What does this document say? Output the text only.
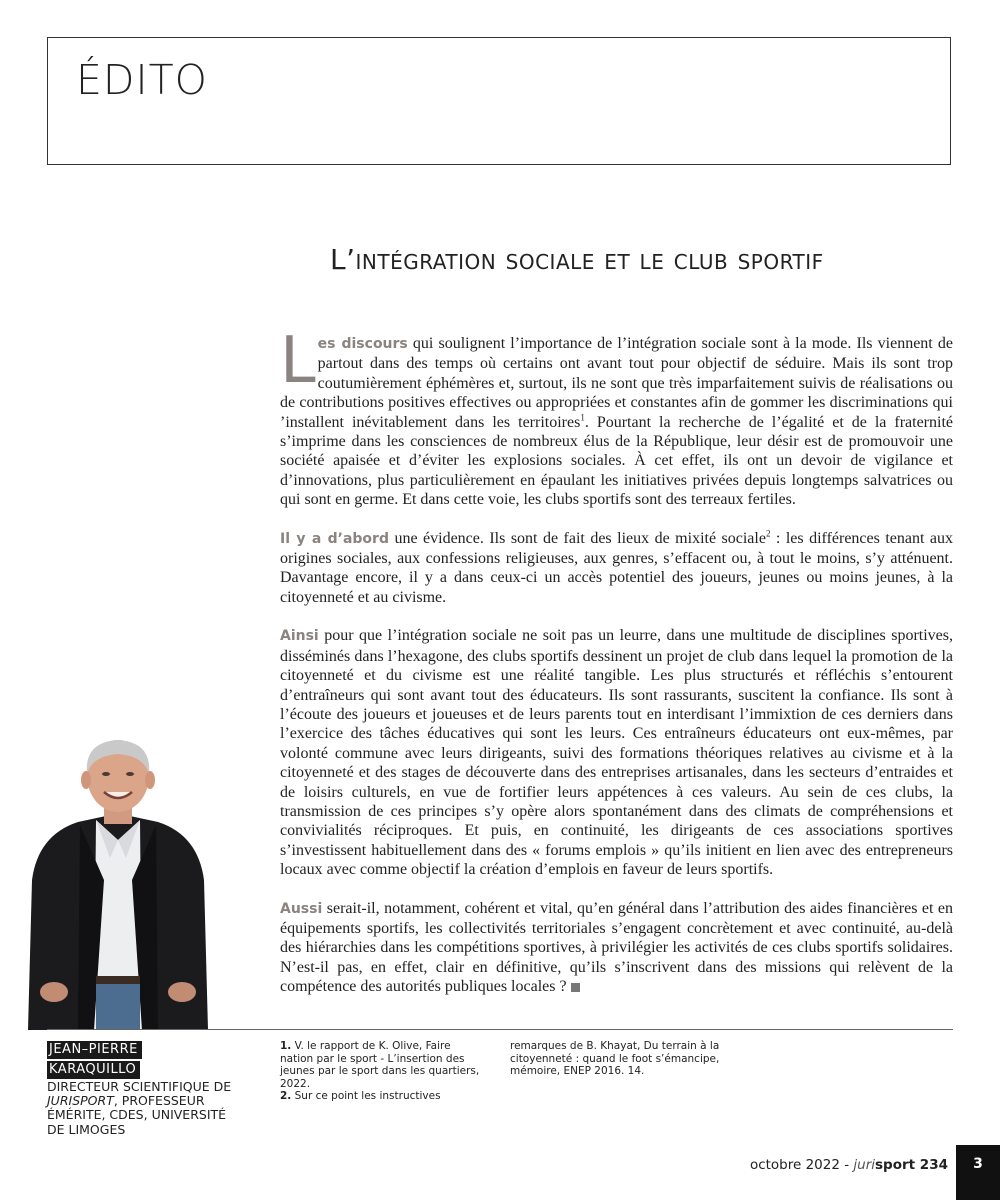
ÉDITO
L’intégration sociale et le club sportif

Les discours qui soulignent l’importance de l’intégration sociale sont à la mode. Ils viennent de partout dans des temps où certains ont avant tout pour objectif de séduire. Mais ils sont trop coutumièrement éphémères et, surtout, ils ne sont que très imparfaitement suivis de réalisations ou de contributions positives effectives ou appropriées et constantes afin de gommer les discriminations qui ’installent inévitablement dans les territoires$^1$. Pourtant la recherche de l’égalité et de la fraternité s’imprime dans les consciences de nombreux élus de la République, leur désir est de promouvoir une société apaisée et d’éviter les explosions sociales. À cet effet, ils ont un devoir de vigilance et d’innovations, plus particulièrement en épaulant les initiatives privées depuis longtemps salvatrices ou qui sont en germe. Et dans cette voie, les clubs sportifs sont des terreaux fertiles.

Il y a d’abord une évidence. Ils sont de fait des lieux de mixité sociale$^2$ : les différences tenant aux origines sociales, aux confessions religieuses, aux genres, s’effacent ou, à tout le moins, s’y atténuent. Davantage encore, il y a dans ceux-ci un accès potentiel des joueurs, jeunes ou moins jeunes, à la citoyenneté et au civisme.

Ainsi pour que l’intégration sociale ne soit pas un leurre, dans une multitude de disciplines sportives, disséminés dans l’hexagone, des clubs sportifs dessinent un projet de club dans lequel la promotion de la citoyenneté et du civisme est une réalité tangible. Les plus structurés et réfléchis s’entourent d’entraîneurs qui sont avant tout des éducateurs. Ils sont rassurants, suscitent la confiance. Ils sont à l’écoute des joueurs et joueuses et de leurs parents tout en interdisant l’immixtion de ces derniers dans l’exercice des tâches éducatives qui sont les leurs. Ces entraîneurs éducateurs ont eux-mêmes, par volonté commune avec leurs dirigeants, suivi des formations théoriques relatives au civisme et à la citoyenneté et des stages de découverte dans des entreprises artisanales, dans les secteurs d’entraides et de loisirs culturels, en vue de fortifier leurs appétences à ces valeurs. Au sein de ces clubs, la transmission de ces principes s’y opère alors spontanément dans des climats de compréhensions et convivialités réciproques. Et puis, en continuité, les dirigeants de ces associations sportives s’investissent habituellement dans des « forums emplois » qu’ils initient en lien avec des entrepreneurs locaux avec comme objectif la création d’emplois en faveur de leurs sportifs.

Aussi serait-il, notamment, cohérent et vital, qu’en général dans l’attribution des aides financières et en équipements sportifs, les collectivités territoriales s’engagent concrètement et avec continuité, au-delà des hiérarchies dans les compétitions sportives, à privilégier les activités de ces clubs sportifs solidaires. N’est-il pas, en effet, clair en définitive, qu’ils s’inscrivent dans des missions qui relèvent de la compétence des autorités publiques locales ?

JEAN–PIERRE
KARAQUILLO
DIRECTEUR SCIENTIFIQUE DE JURISPORT, PROFESSEUR ÉMÉRITE, CDES, UNIVERSITÉ DE LIMOGES
1. V. le rapport de K. Olive, Faire nation par le sport - L’insertion des jeunes par le sport dans les quartiers, 2022.
2. Sur ce point les instructives
remarques de B. Khayat, Du terrain à la citoyenneté : quand le foot s’émancipe, mémoire, ENEP 2016. 14.
octobre 2022 - jurisport 234	3
